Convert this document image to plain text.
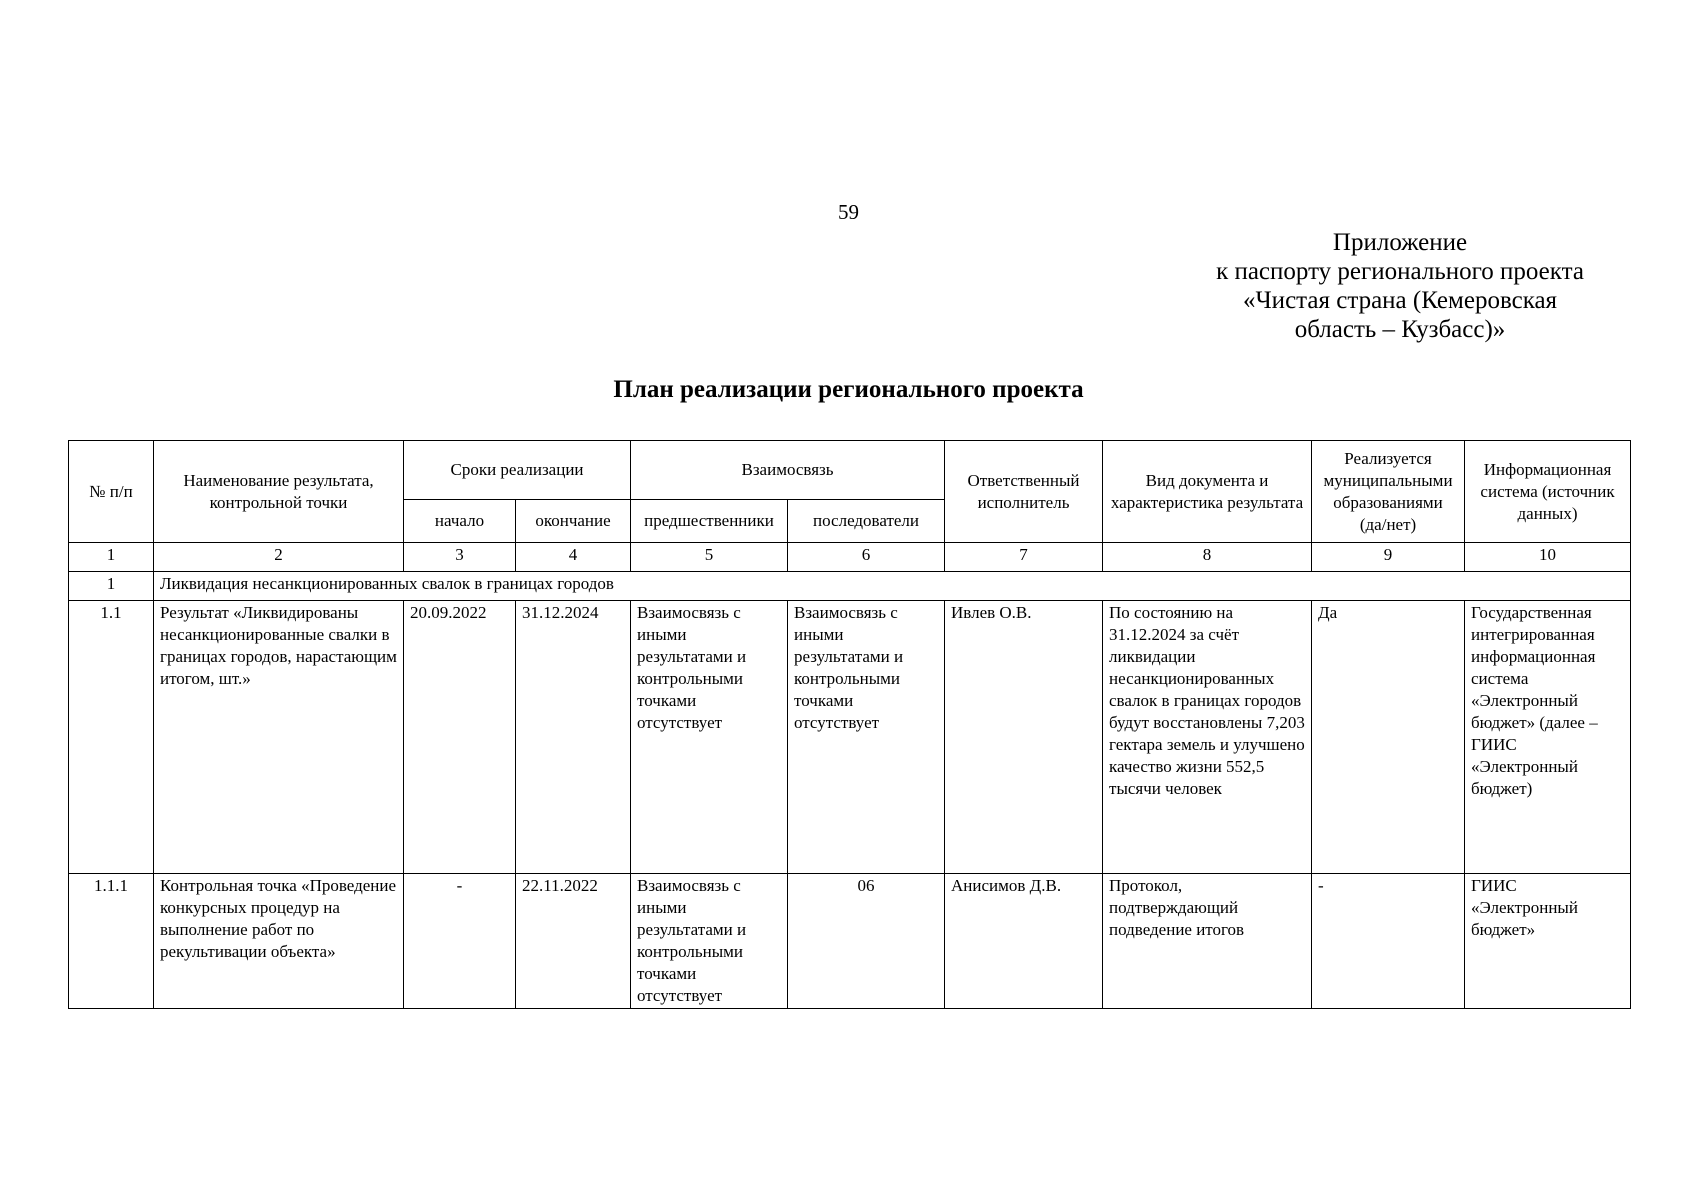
59
Приложение
к паспорту регионального проекта
«Чистая страна (Кемеровская
область – Кузбасс)»
План реализации регионального проекта
№ п/п	Наименование результата, контрольной точки	Сроки реализации		Взаимосвязь		Ответственный исполнитель	Вид документа и характеристика результата	Реализуется муниципальными образованиями (да/нет)	Информационная система (источник данных)
		начало	окончание	предшественники	последователи				
1	2	3	4	5	6	7	8	9	10
1	Ликвидация несанкционированных свалок в границах городов								
1.1	Результат «Ликвидированы несанкционированные свалки в границах городов, нарастающим итогом, шт.»	20.09.2022	31.12.2024	Взаимосвязь с иными результатами и контрольными точками отсутствует	Взаимосвязь с иными результатами и контрольными точками отсутствует	Ивлев О.В.	По состоянию на 31.12.2024 за счёт ликвидации несанкционированных свалок в границах городов будут восстановлены 7,203 гектара земель и улучшено качество жизни 552,5 тысячи человек	Да	Государственная интегрированная информационная система «Электронный бюджет» (далее – ГИИС «Электронный бюджет)
1.1.1	Контрольная точка «Проведение конкурсных процедур на выполнение работ по рекультивации объекта»	-	22.11.2022	Взаимосвязь с иными результатами и контрольными точками отсутствует	06	Анисимов Д.В.	Протокол, подтверждающий подведение итогов	-	ГИИС «Электронный бюджет»
